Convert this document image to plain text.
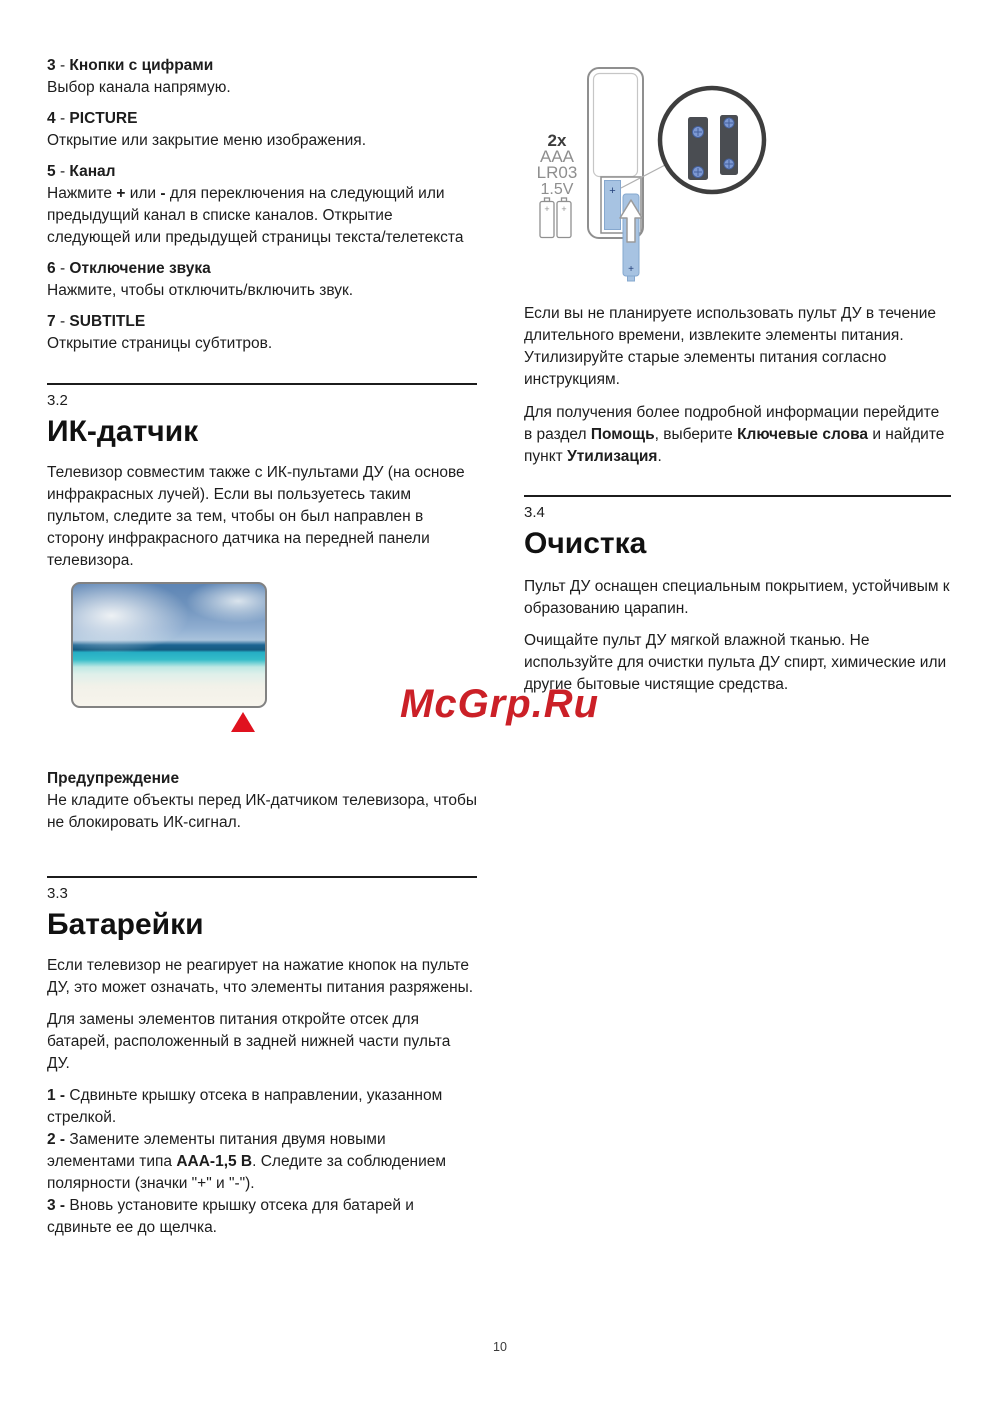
3 - Кнопки с цифрами

Выбор канала напрямую.

4 - PICTURE

Открытие или закрытие меню изображения.

5 - Канал

Нажмите + или - для переключения на следующий или предыдущий канал в списке каналов. Открытие следующей или предыдущей страницы текста/телетекста

6 - Отключение звука

Нажмите, чтобы отключить/включить звук.

7 - SUBTITLE

Открытие страницы субтитров.

3.2

ИК-датчик

Телевизор совместим также с ИК-пультами ДУ (на основе инфракрасных лучей). Если вы пользуетесь таким пультом, следите за тем, чтобы он был направлен в сторону инфракрасного датчика на передней панели телевизора.

Предупреждение

Не кладите объекты перед ИК-датчиком телевизора, чтобы не блокировать ИК-сигнал.

3.3

Батарейки

Если телевизор не реагирует на нажатие кнопок на пульте ДУ, это может означать, что элементы питания разряжены.

Для замены элементов питания откройте отсек для батарей, расположенный в задней нижней части пульта ДУ.

1 - Сдвиньте крышку отсека в направлении, указанном стрелкой.

2 - Замените элементы питания двумя новыми элементами типа AAA-1,5 В. Следите за соблюдением полярности (значки "+" и "-").

3 - Вновь установите крышку отсека для батарей и сдвиньте ее до щелчка.

2x
AAA
LR03
1.5V
+ +
+
+

Если вы не планируете использовать пульт ДУ в течение длительного времени, извлеките элементы питания. Утилизируйте старые элементы питания согласно инструкциям.

Для получения более подробной информации перейдите в раздел Помощь, выберите Ключевые слова и найдите пункт Утилизация.

3.4

Очистка

Пульт ДУ оснащен специальным покрытием, устойчивым к образованию царапин.

Очищайте пульт ДУ мягкой влажной тканью. Не используйте для очистки пульта ДУ спирт, химические или другие бытовые чистящие средства.

McGrp.Ru
10
